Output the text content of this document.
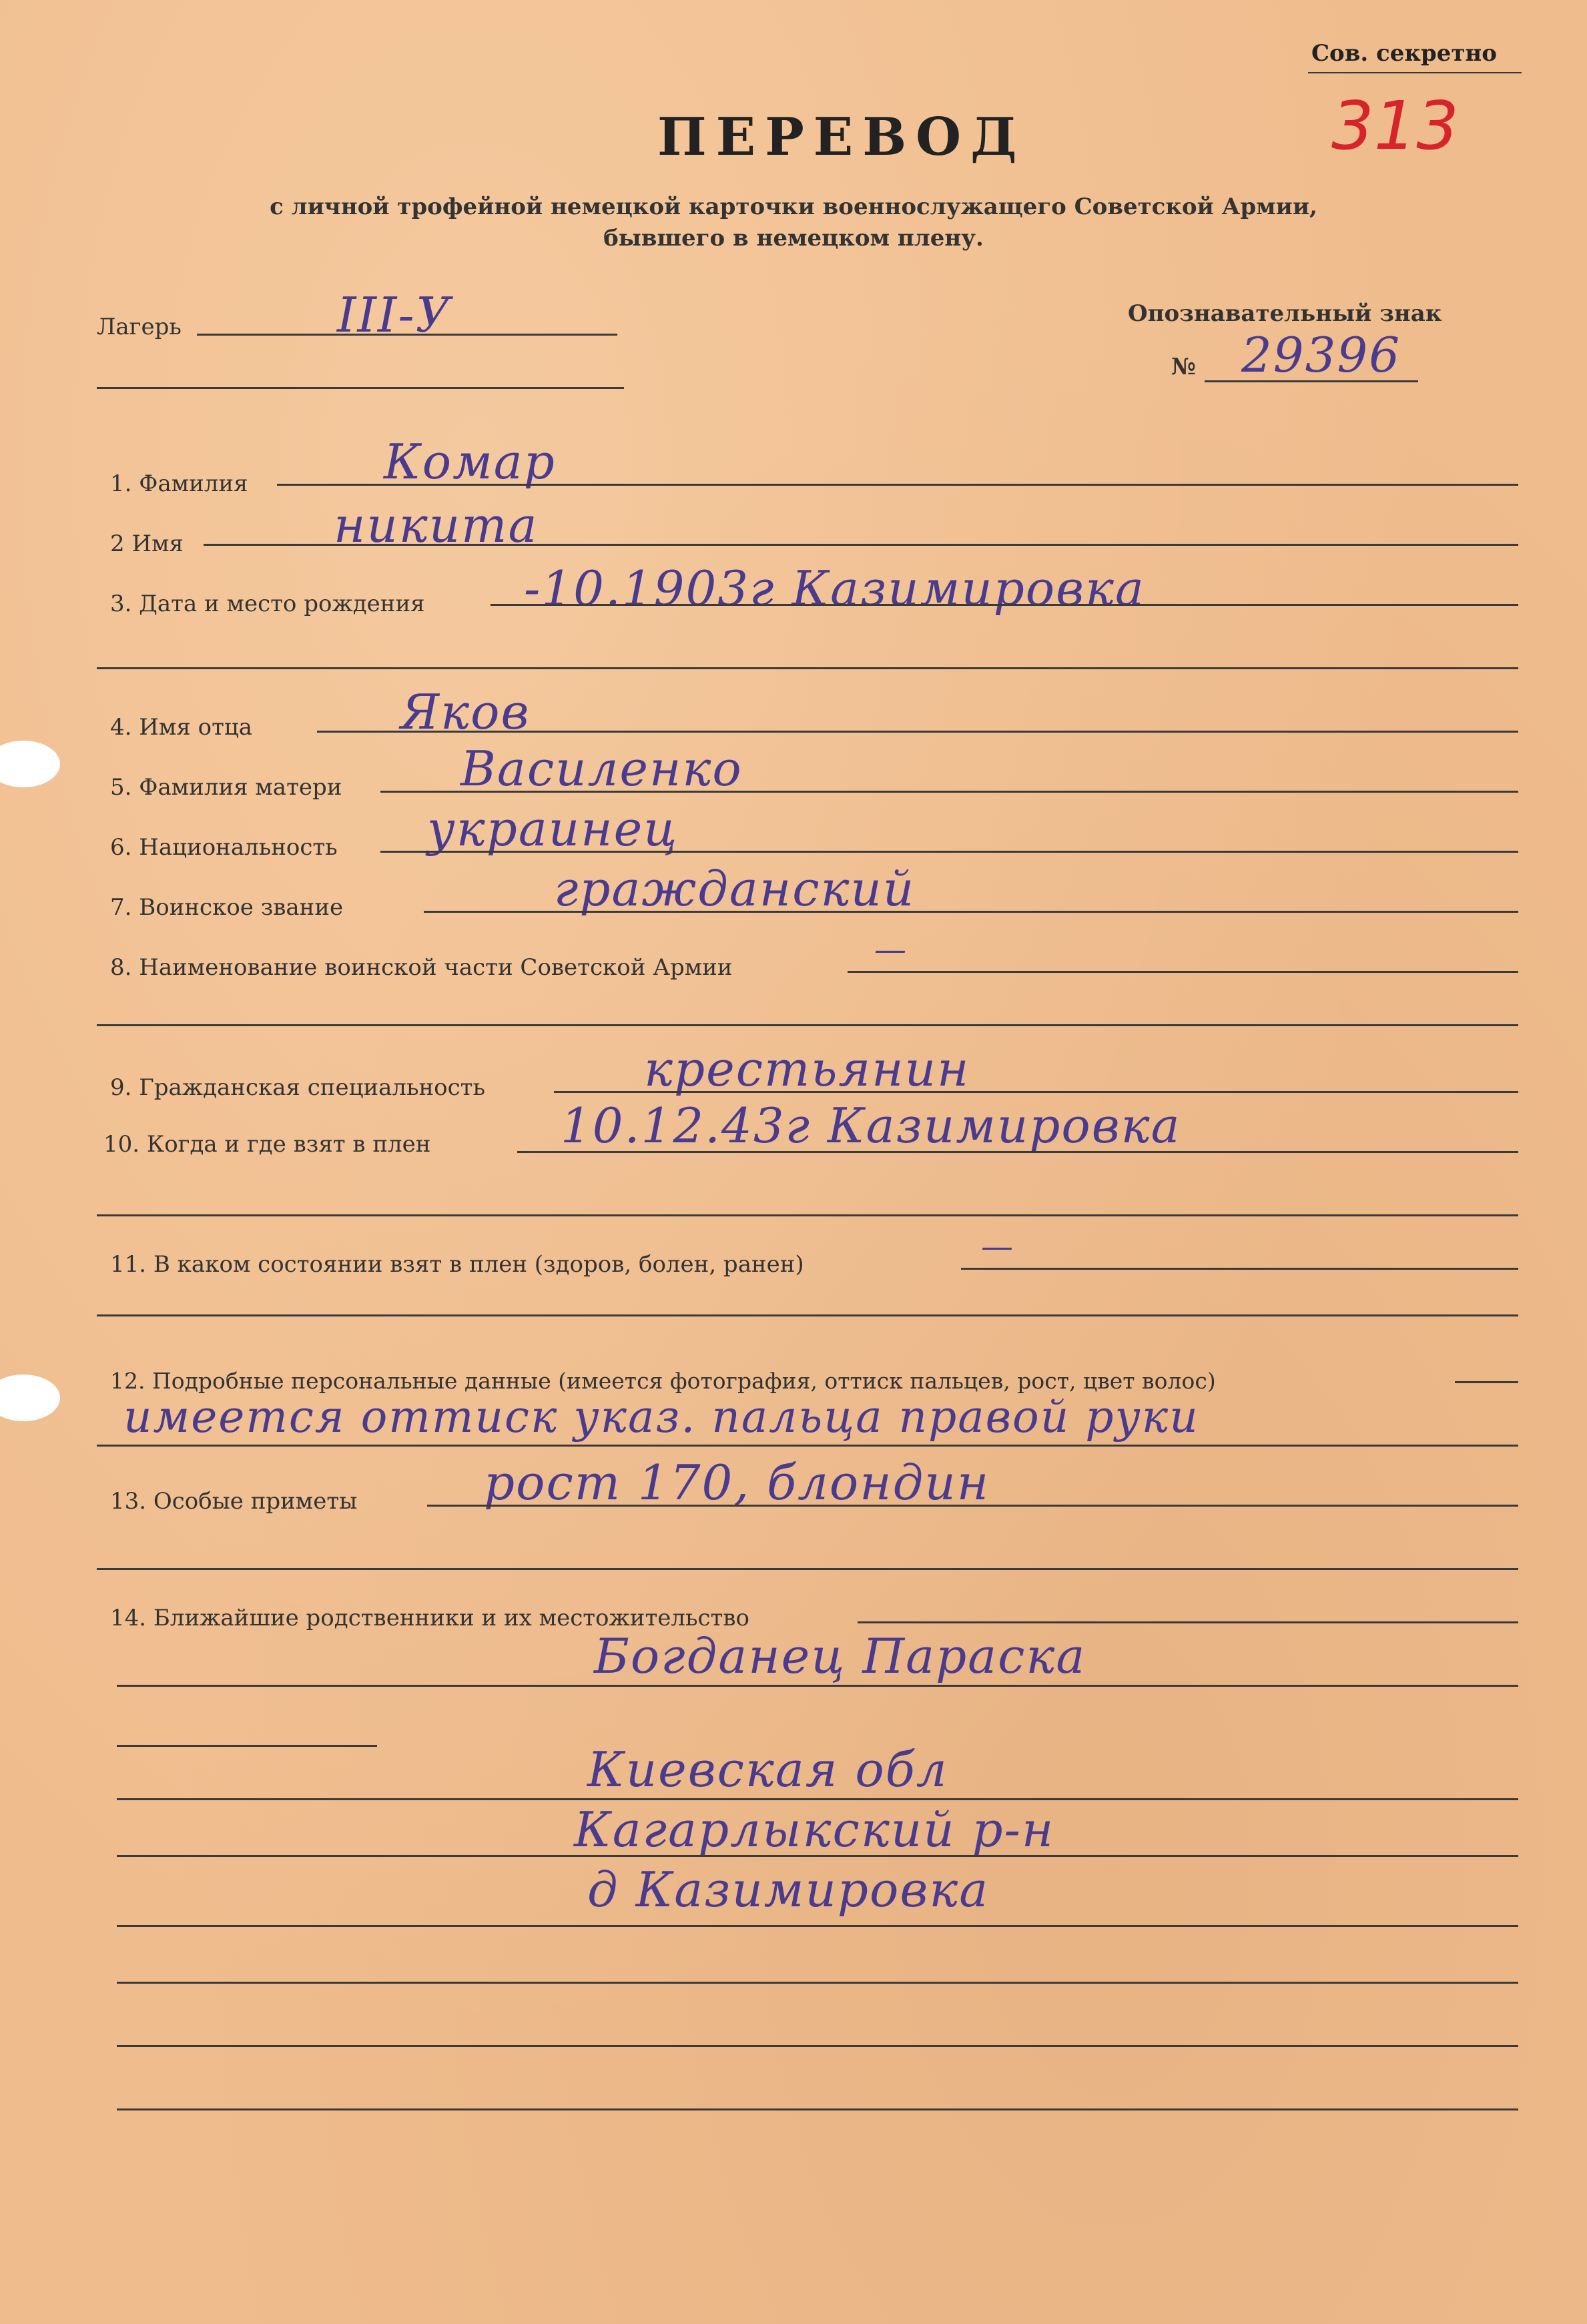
Сов. секретно
313
ПЕРЕВОД
с личной трофейной немецкой карточки военнослужащего Советской Армии,
бывшего в немецком плену.
Лагерь	III-У	Опознавательный знак
№ 29396
1. Фамилия	Комар
2 Имя	никита
3. Дата и место рождения -10.1903г Казимировка
4. Имя отца	Яков
5. Фамилия матери Василенко
6. Национальность украинец
7. Воинское звание	гражданский
8. Наименование воинской части Советской Армии	—
9. Гражданская специальность	крестьянин
10. Когда и где взят в плен	10.12.43г Казимировка
11. В каком состоянии взят в плен (здоров, болен, ранен)	—
12. Подробные персональные данные (имеется фотография, оттиск пальцев, рост, цвет волос)
имеется оттиск указ. пальца правой руки
13. Особые приметы	рост 170, блондин
14. Ближайшие родственники и их местожительство
Богданец Параска
Киевская обл
Кагарлыкский р-н
д Казимировка
